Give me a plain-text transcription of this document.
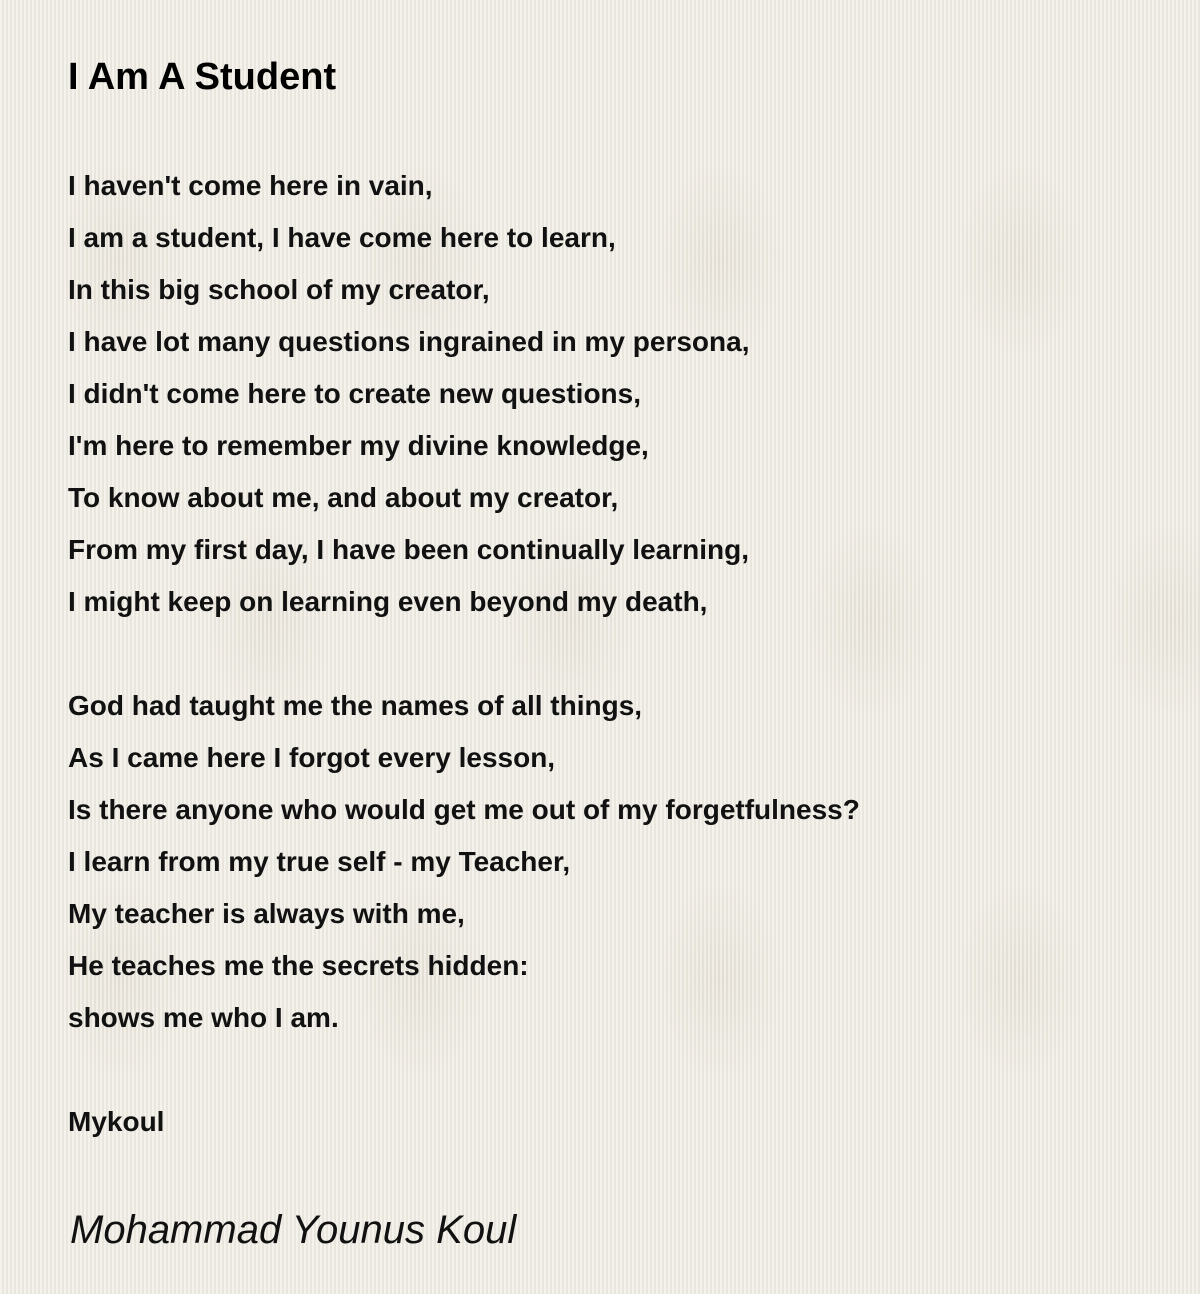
I Am A Student
I haven't come here in vain,
I am a student, I have come here to learn,
In this big school of my creator,
I have lot many questions ingrained in my persona,
I didn't come here to create new questions,
I'm here to remember my divine knowledge,
To know about me, and about my creator,
From my first day, I have been continually learning,
I might keep on learning even beyond my death,
God had taught me the names of all things,
As I came here I forgot every lesson,
Is there anyone who would get me out of my forgetfulness?
I learn from my true self - my Teacher,
My teacher is always with me,
He teaches me the secrets hidden:
shows me who I am.
Mykoul
Mohammad Younus Koul
